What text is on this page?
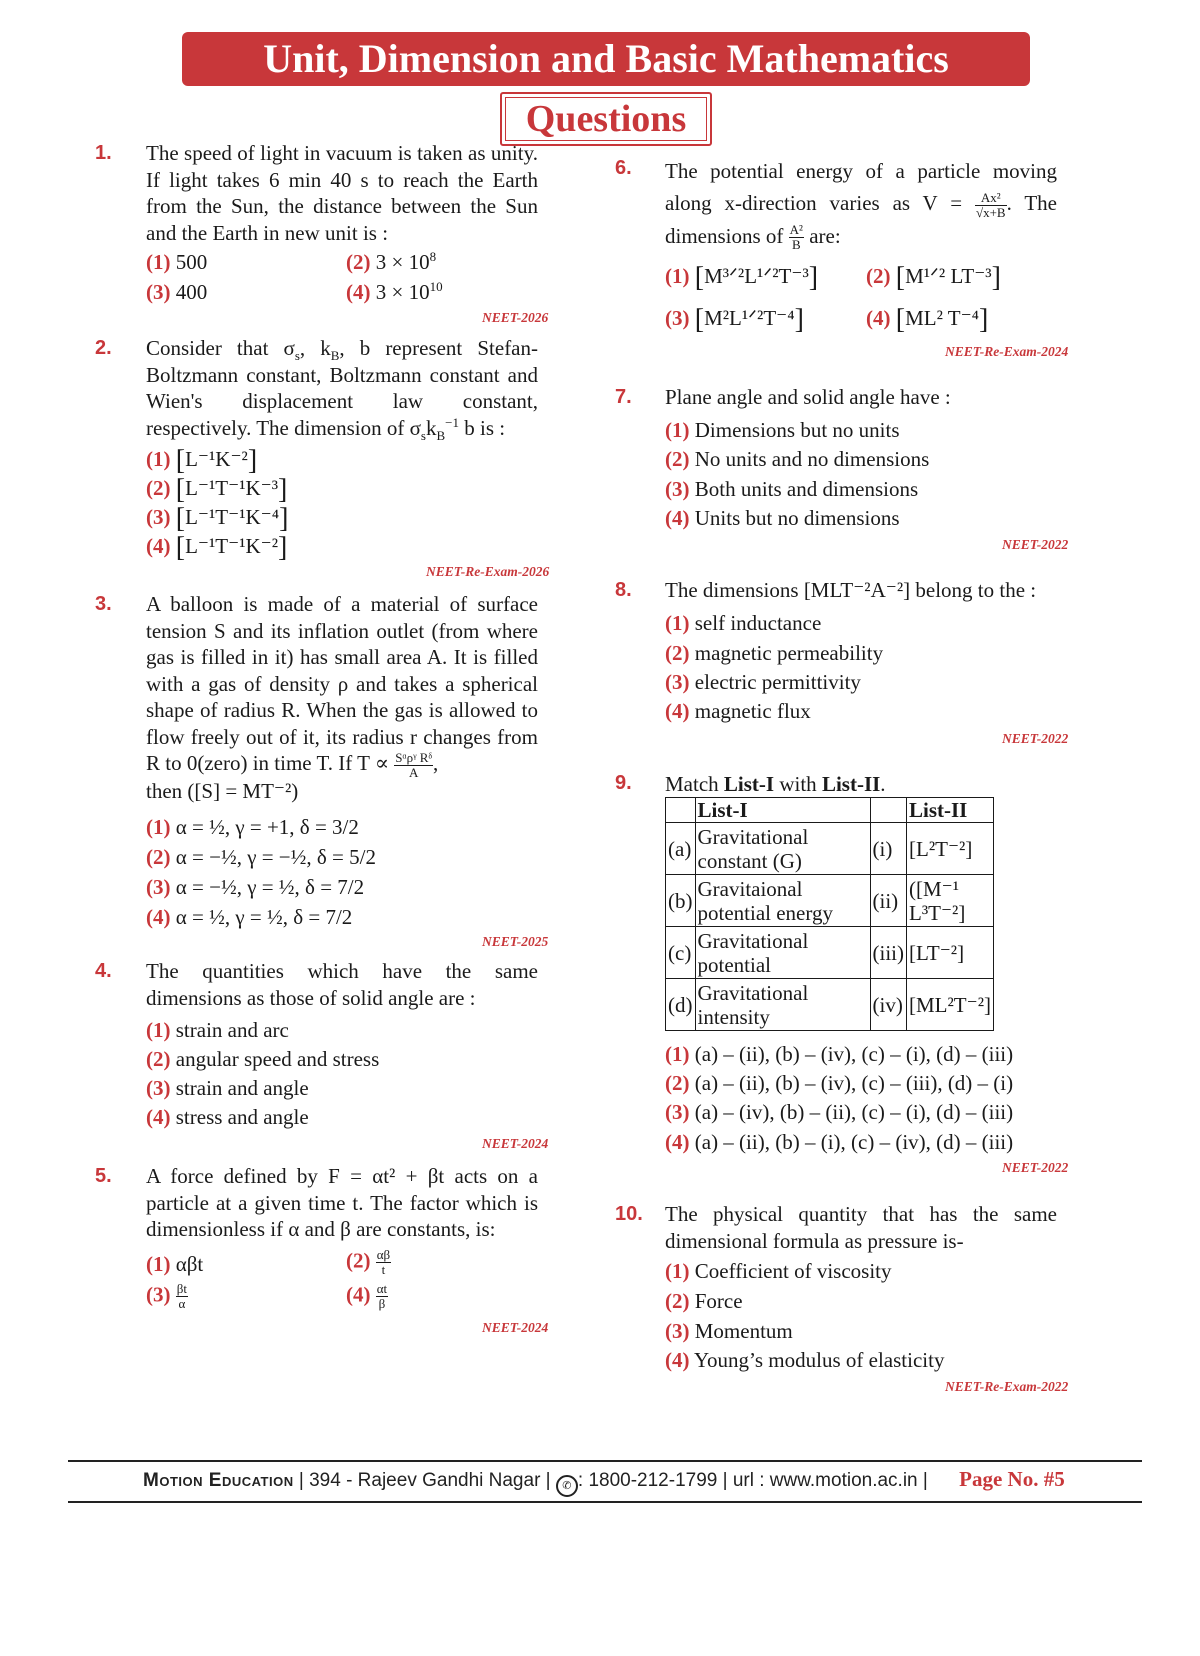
Unit, Dimension and Basic Mathematics
Questions
1. The speed of light in vacuum is taken as unity. If light takes 6 min 40 s to reach the Earth from the Sun, the distance between the Sun and the Earth in new unit is :
(1) 500	(2) $3 \times 10^8$
(3) 400	(4) $3 \times 10^{10}$
NEET-2026
2. Consider that $\sigma_s$, $k_B$, b represent Stefan-Boltzmann constant, Boltzmann constant and Wien's displacement law constant, respectively. The dimension of $\sigma_sk_B^{-1}$ b is :
(1) [L⁻¹K⁻²]
(2) [L⁻¹T⁻¹K⁻³]
(3) [L⁻¹T⁻¹K⁻⁴]
(4) [L⁻¹T⁻¹K⁻²]
NEET-Re-Exam-2026
3. A balloon is made of a material of surface tension S and its inflation outlet (from where gas is filled in it) has small area A. It is filled with a gas of density ρ and takes a spherical shape of radius R. When the gas is allowed to flow freely out of it, its radius r changes from R to 0(zero) in time T. If $T \propto \frac{\text{Sᵅρᵞ Rᵟ}}{A}$ ,
then ([S] = MT⁻²)
(1) α = ½, γ = +1, δ = 3/2
(2) α = −½, γ = −½, δ = 5/2
(3) α = −½, γ = ½, δ = 7/2
(4) α = ½, γ = ½, δ = 7/2
NEET-2025
4. The quantities which have the same dimensions as those of solid angle are :
(1) strain and arc
(2) angular speed and stress
(3) strain and angle
(4) stress and angle
NEET-2024
5. A force defined by F = αt² + βt acts on a particle at a given time t. The factor which is dimensionless if α and β are constants, is:
(1) αβt	$(2) \frac{\alpha\beta}{t}$
$(3) \frac{\beta t}{\alpha}$	$(4) \frac{\alpha t}{\beta}$
NEET-2024
6. The potential energy of a particle moving along x-direction varies as $V = \frac{\text{Ax²}}{√x+B}$ . The dimensions of $\frac{\text{A²}}{B}$ are:
(1) [M³ᐟ²L¹ᐟ²T⁻³] (2) [M¹ᐟ² LT⁻³]
(3) [M²L¹ᐟ²T⁻⁴]	(4) [ML² T⁻⁴]
NEET-Re-Exam-2024
7. Plane angle and solid angle have :
(1) Dimensions but no units
(2) No units and no dimensions
(3) Both units and dimensions
(4) Units but no dimensions
NEET-2022
8. The dimensions [MLT⁻²A⁻²] belong to the :
(1) self inductance
(2) magnetic permeability
(3) electric permittivity
(4) magnetic flux
NEET-2022
9. Match List-I with List-II.
	List-I		List-II
(a)	Gravitational constant (G)	(i)	[L²T⁻²]
(b)	Gravitaional potential energy	(ii)	([M⁻¹ L³T⁻²]
(c)	Gravitational potential	(iii)	[LT⁻²]
(d)	Gravitational intensity	(iv)	[ML²T⁻²]
(1) (a) – (ii), (b) – (iv), (c) – (i), (d) – (iii)
(2) (a) – (ii), (b) – (iv), (c) – (iii), (d) – (i)
(3) (a) – (iv), (b) – (ii), (c) – (i), (d) – (iii)
(4) (a) – (ii), (b) – (i), (c) – (iv), (d) – (iii)
NEET-2022
10. The physical quantity that has the same dimensional formula as pressure is-
(1) Coefficient of viscosity
(2) Force
(3) Momentum
(4) Young’s modulus of elasticity
NEET-Re-Exam-2022
Motion Education | 394 - Rajeev Gandhi Nagar | ✆ : 1800-212-1799 | url : www.motion.ac.in | Page No. #5
